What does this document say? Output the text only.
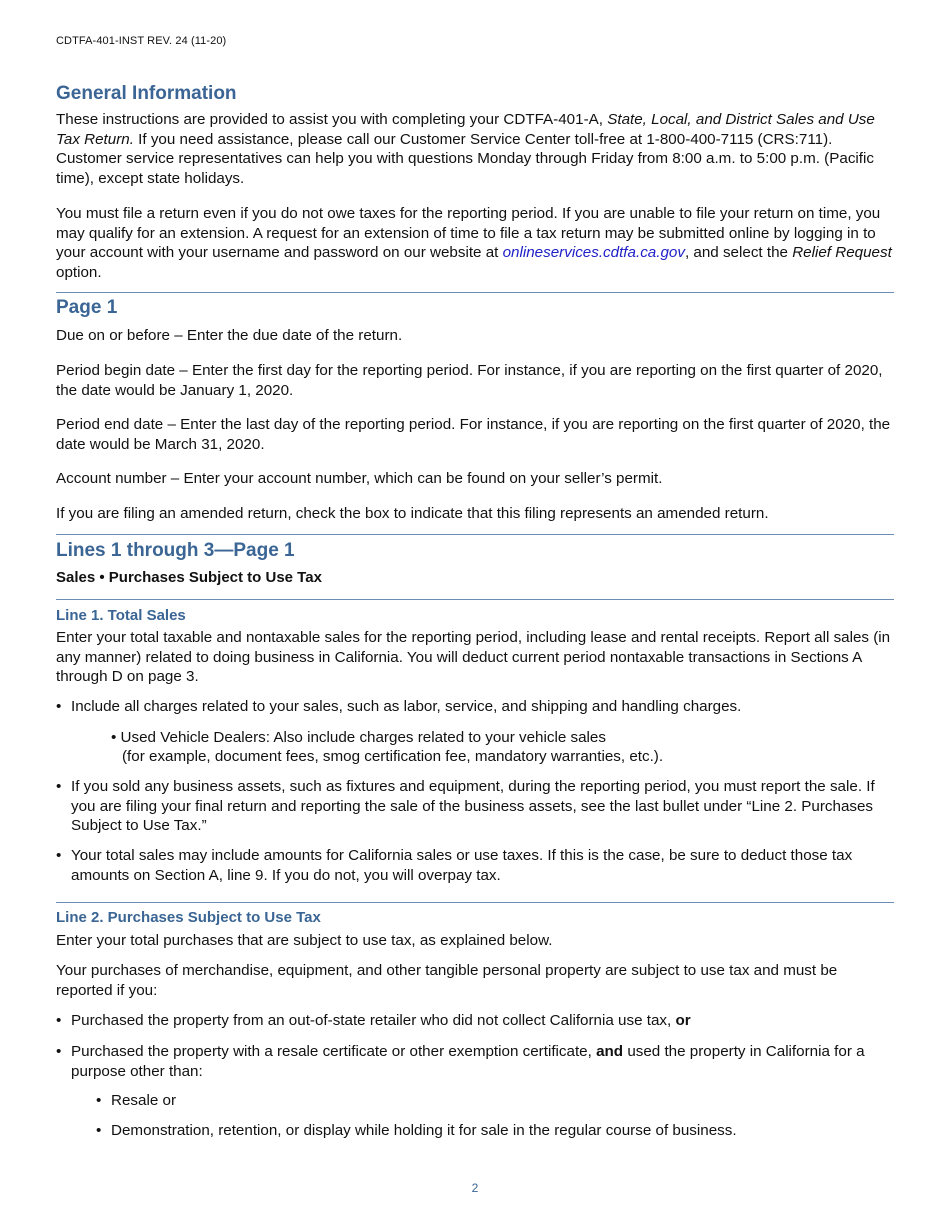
CDTFA-401-INST REV. 24 (11-20)
General Information

These instructions are provided to assist you with completing your CDTFA-401-A, State, Local, and District Sales and Use Tax Return. If you need assistance, please call our Customer Service Center toll-free at 1-800-400-7115 (CRS:711). Customer service representatives can help you with questions Monday through Friday from 8:00 a.m. to 5:00 p.m. (Pacific time), except state holidays.

You must file a return even if you do not owe taxes for the reporting period. If you are unable to file your return on time, you may qualify for an extension. A request for an extension of time to file a tax return may be submitted online by logging in to your account with your username and password on our website at onlineservices.cdtfa.ca.gov, and select the Relief Request option.

Page 1

Due on or before – Enter the due date of the return.

Period begin date – Enter the first day for the reporting period. For instance, if you are reporting on the first quarter of 2020, the date would be January 1, 2020.

Period end date – Enter the last day of the reporting period. For instance, if you are reporting on the first quarter of 2020, the date would be March 31, 2020.

Account number – Enter your account number, which can be found on your seller’s permit.

If you are filing an amended return, check the box to indicate that this filing represents an amended return.

Lines 1 through 3—Page 1
Sales • Purchases Subject to Use Tax
Line 1. Total Sales

Enter your total taxable and nontaxable sales for the reporting period, including lease and rental receipts. Report all sales (in any manner) related to doing business in California. You will deduct current period nontaxable transactions in Sections A through D on page 3.

• Include all charges related to your sales, such as labor, service, and shipping and handling charges.

• Used Vehicle Dealers: Also include charges related to your vehicle sales

(for example, document fees, smog certification fee, mandatory warranties, etc.).

• If you sold any business assets, such as fixtures and equipment, during the reporting period, you must report the sale. If you are filing your final return and reporting the sale of the business assets, see the last bullet under “Line 2. Purchases Subject to Use Tax.”

• Your total sales may include amounts for California sales or use taxes. If this is the case, be sure to deduct those tax amounts on Section A, line 9. If you do not, you will overpay tax.

Line 2. Purchases Subject to Use Tax

Enter your total purchases that are subject to use tax, as explained below.

Your purchases of merchandise, equipment, and other tangible personal property are subject to use tax and must be reported if you:

• Purchased the property from an out-of-state retailer who did not collect California use tax, or

• Purchased the property with a resale certificate or other exemption certificate, and used the property in California for a purpose other than:

• Resale or

• Demonstration, retention, or display while holding it for sale in the regular course of business.

2
